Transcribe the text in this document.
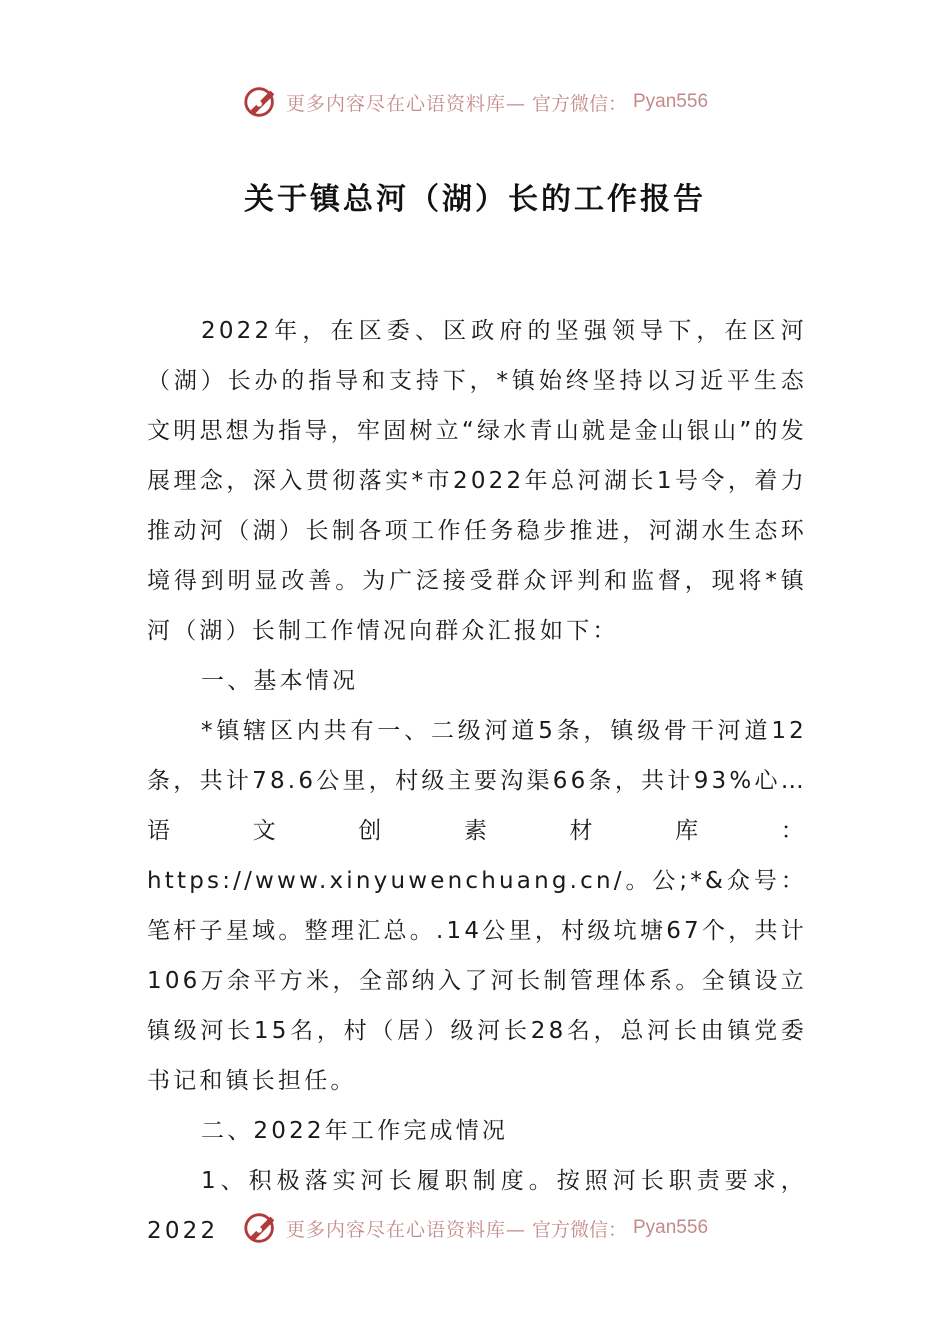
更多内容尽在心语资料库— 官方微信： Pyan556
关于镇总河（湖）长的工作报告

2022年，在区委、区政府的坚强领导下，在区河（湖）长办的指导和支持下，*镇始终坚持以习近平生态文明思想为指导，牢固树立“绿水青山就是金山银山”的发展理念，深入贯彻落实*市2022年总河湖长1号令，着力推动河（湖）长制各项工作任务稳步推进，河湖水生态环境得到明显改善。为广泛接受群众评判和监督，现将*镇河（湖）长制工作情况向群众汇报如下：

一、基本情况

*镇辖区内共有一、二级河道5条，镇级骨干河道12条，共计78.6公里，村级主要沟渠66条，共计93%心…语文创素材库：https://www.xinyuwenchuang.cn/。公;*&众号：笔杆子星域。整理汇总。.14公里，村级坑塘67个，共计106万余平方米，全部纳入了河长制管理体系。全镇设立镇级河长15名，村（居）级河长28名，总河长由镇党委书记和镇长担任。

二、2022年工作完成情况

1、积极落实河长履职制度。按照河长职责要求，2022	更多内容尽在心语资料库— 官方微信： Pyan556
